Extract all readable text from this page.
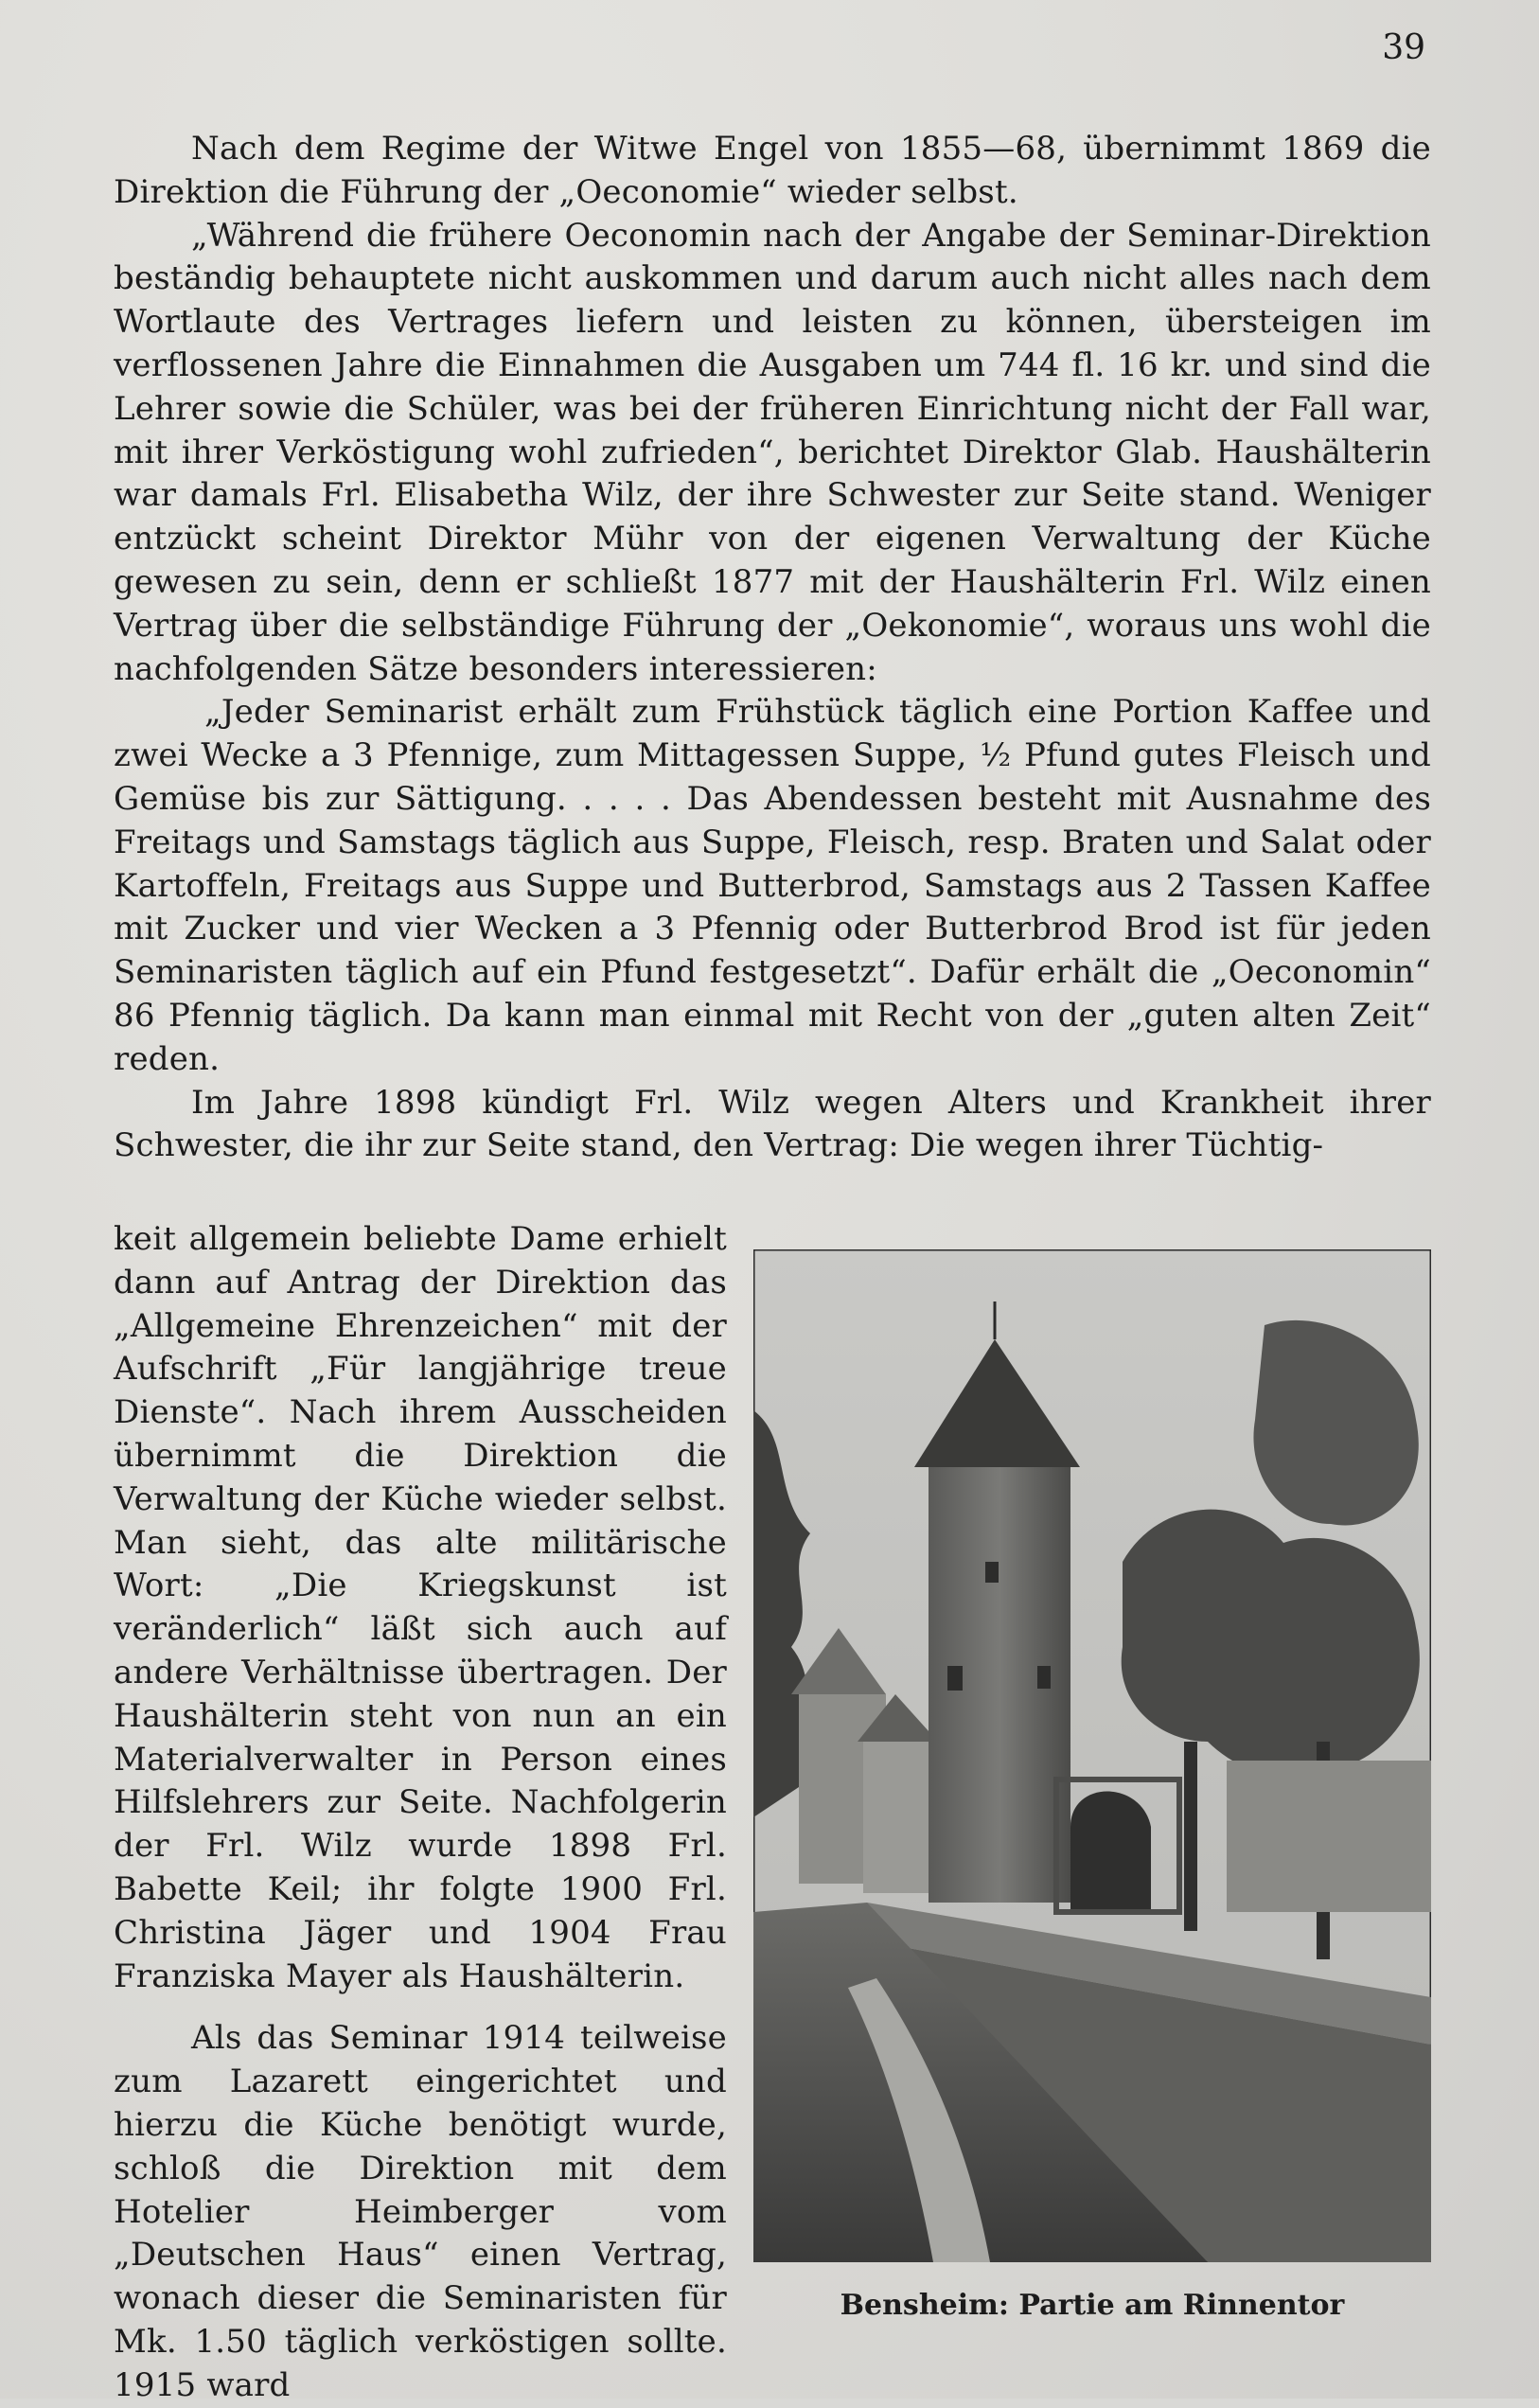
39

Nach dem Regime der Witwe Engel von 1855—68, übernimmt 1869 die Direktion die Führung der „Oeconomie“ wieder selbst.

„Während die frühere Oeconomin nach der Angabe der Seminar-Direktion beständig behauptete nicht auskommen und darum auch nicht alles nach dem Wortlaute des Vertrages liefern und leisten zu können, übersteigen im verflossenen Jahre die Einnahmen die Ausgaben um 744 fl. 16 kr. und sind die Lehrer sowie die Schüler, was bei der früheren Einrichtung nicht der Fall war, mit ihrer Verköstigung wohl zufrieden“, berichtet Direktor Glab. Haushälterin war damals Frl. Elisabetha Wilz, der ihre Schwester zur Seite stand. Weniger entzückt scheint Direktor Mühr von der eigenen Verwaltung der Küche gewesen zu sein, denn er schließt 1877 mit der Haushälterin Frl. Wilz einen Vertrag über die selbständige Führung der „Oekonomie“, woraus uns wohl die nachfolgenden Sätze besonders interessieren:

„Jeder Seminarist erhält zum Frühstück täglich eine Portion Kaffee und zwei Wecke a 3 Pfennige, zum Mittagessen Suppe, ½ Pfund gutes Fleisch und Gemüse bis zur Sättigung. . . . . Das Abendessen besteht mit Ausnahme des Freitags und Samstags täglich aus Suppe, Fleisch, resp. Braten und Salat oder Kartoffeln, Freitags aus Suppe und Butterbrod, Samstags aus 2 Tassen Kaffee mit Zucker und vier Wecken a 3 Pfennig oder Butterbrod Brod ist für jeden Seminaristen täglich auf ein Pfund festgesetzt“. Dafür erhält die „Oeconomin“ 86 Pfennig täglich. Da kann man einmal mit Recht von der „guten alten Zeit“ reden.

Im Jahre 1898 kündigt Frl. Wilz wegen Alters und Krankheit ihrer Schwester, die ihr zur Seite stand, den Vertrag: Die wegen ihrer Tüchtig-

keit allgemein beliebte Dame erhielt dann auf Antrag der Direktion das „Allgemeine Ehrenzeichen“ mit der Aufschrift „Für langjährige treue Dienste“. Nach ihrem Ausscheiden übernimmt die Direktion die Verwaltung der Küche wieder selbst. Man sieht, das alte militärische Wort: „Die Kriegskunst ist veränderlich“ läßt sich auch auf andere Verhältnisse übertragen. Der Haushälterin steht von nun an ein Materialverwalter in Person eines Hilfslehrers zur Seite. Nachfolgerin der Frl. Wilz wurde 1898 Frl. Babette Keil; ihr folgte 1900 Frl. Christina Jäger und 1904 Frau Franziska Mayer als Haushälterin.

Als das Seminar 1914 teilweise zum Lazarett eingerichtet und hierzu die Küche benötigt wurde, schloß die Direktion mit dem Hotelier Heimberger vom „Deutschen Haus“ einen Vertrag, wonach dieser die Seminaristen für Mk. 1.50 täglich verköstigen sollte. 1915 ward

Bensheim: Partie am Rinnentor
